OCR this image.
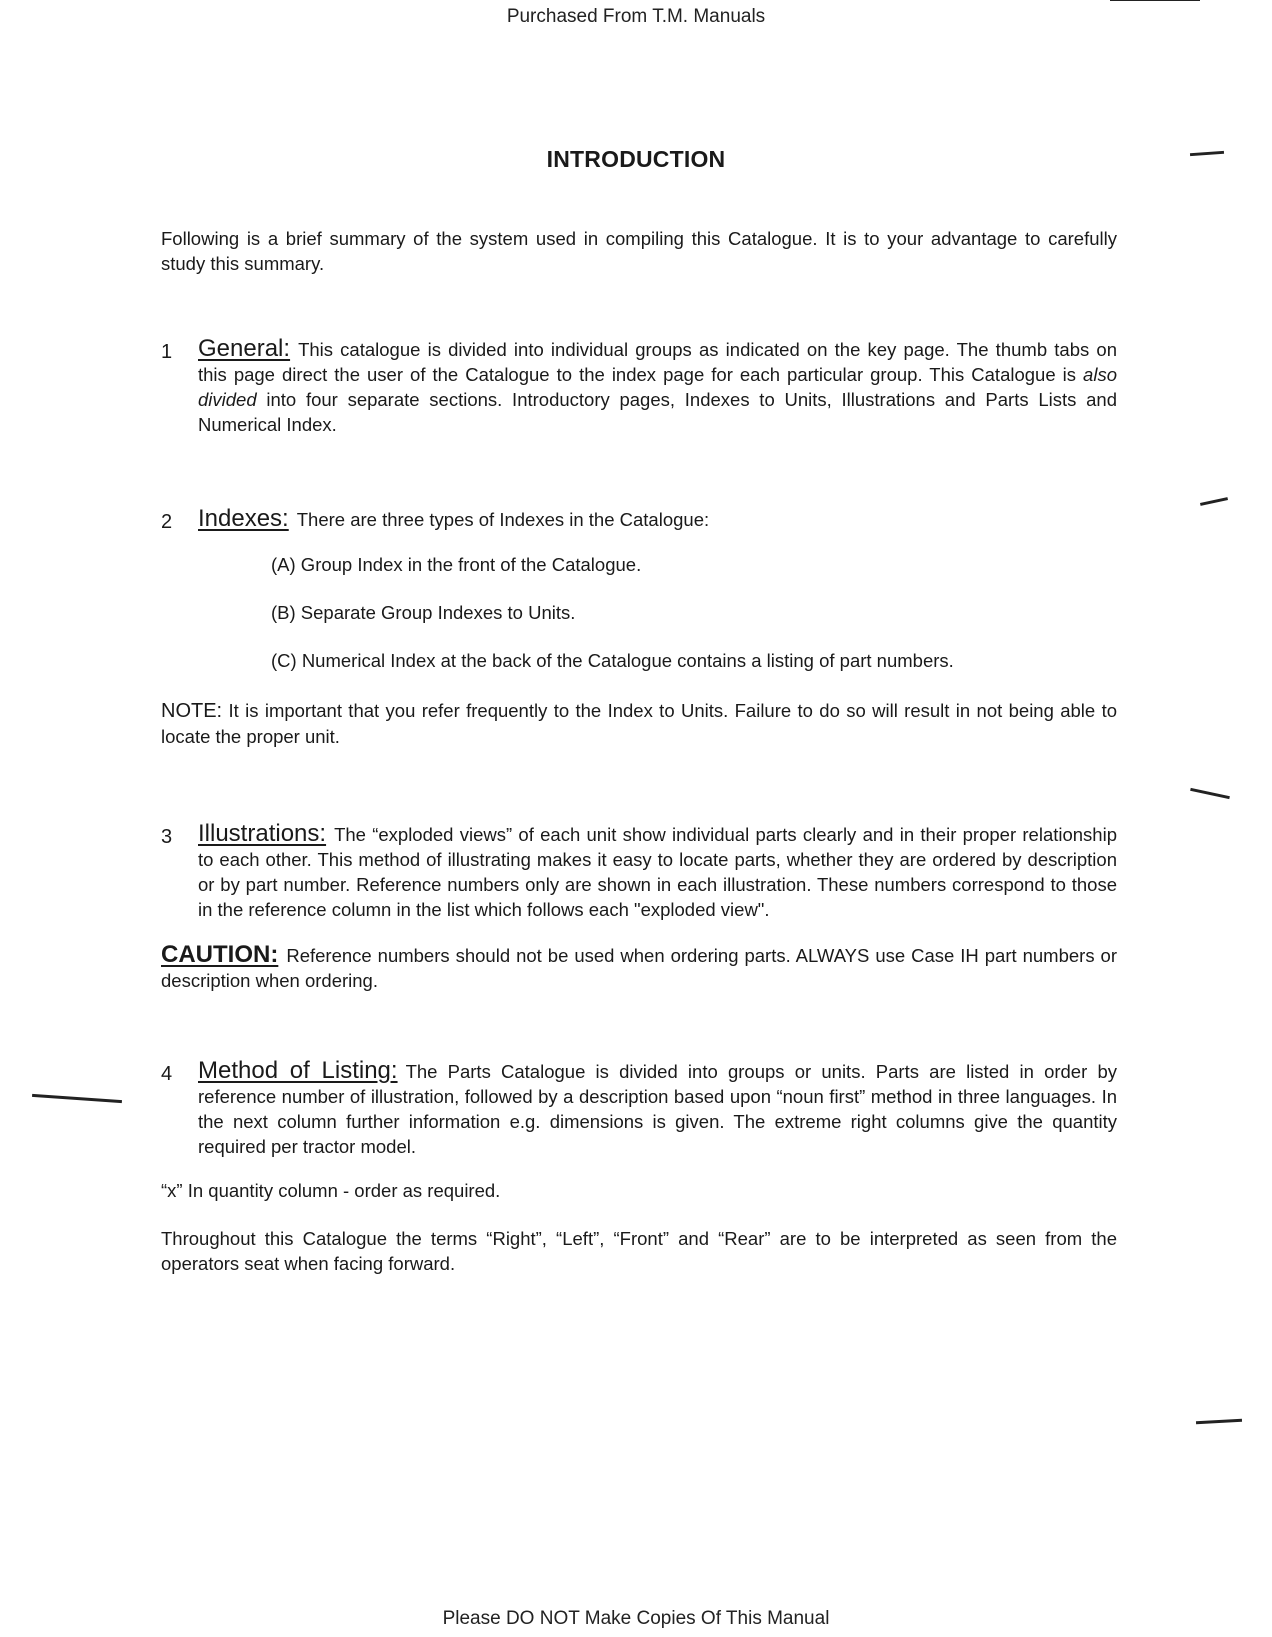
Purchased From T.M. Manuals
INTRODUCTION
Following is a brief summary of the system used in compiling this Catalogue. It is to your advantage to carefully study this summary.
1 General: This catalogue is divided into individual groups as indicated on the key page. The thumb tabs on this page direct the user of the Catalogue to the index page for each particular group. This Catalogue is also divided into four separate sections. Introductory pages, Indexes to Units, Illustrations and Parts Lists and Numerical Index.
2 Indexes: There are three types of Indexes in the Catalogue:
(A) Group Index in the front of the Catalogue.
(B) Separate Group Indexes to Units.
(C) Numerical Index at the back of the Catalogue contains a listing of part numbers.
NOTE: It is important that you refer frequently to the Index to Units. Failure to do so will result in not being able to locate the proper unit.
3 Illustrations: The “exploded views” of each unit show individual parts clearly and in their proper relationship to each other. This method of illustrating makes it easy to locate parts, whether they are ordered by description or by part number. Reference numbers only are shown in each illustration. These numbers correspond to those in the reference column in the list which follows each "exploded view".
CAUTION: Reference numbers should not be used when ordering parts. ALWAYS use Case IH part numbers or description when ordering.
4 Method of Listing: The Parts Catalogue is divided into groups or units. Parts are listed in order by reference number of illustration, followed by a description based upon “noun first” method in three languages. In the next column further information e.g. dimensions is given. The extreme right columns give the quantity required per tractor model.
“x” In quantity column - order as required.
Throughout this Catalogue the terms “Right”, “Left”, “Front” and “Rear” are to be interpreted as seen from the operators seat when facing forward.
Please DO NOT Make Copies Of This Manual
